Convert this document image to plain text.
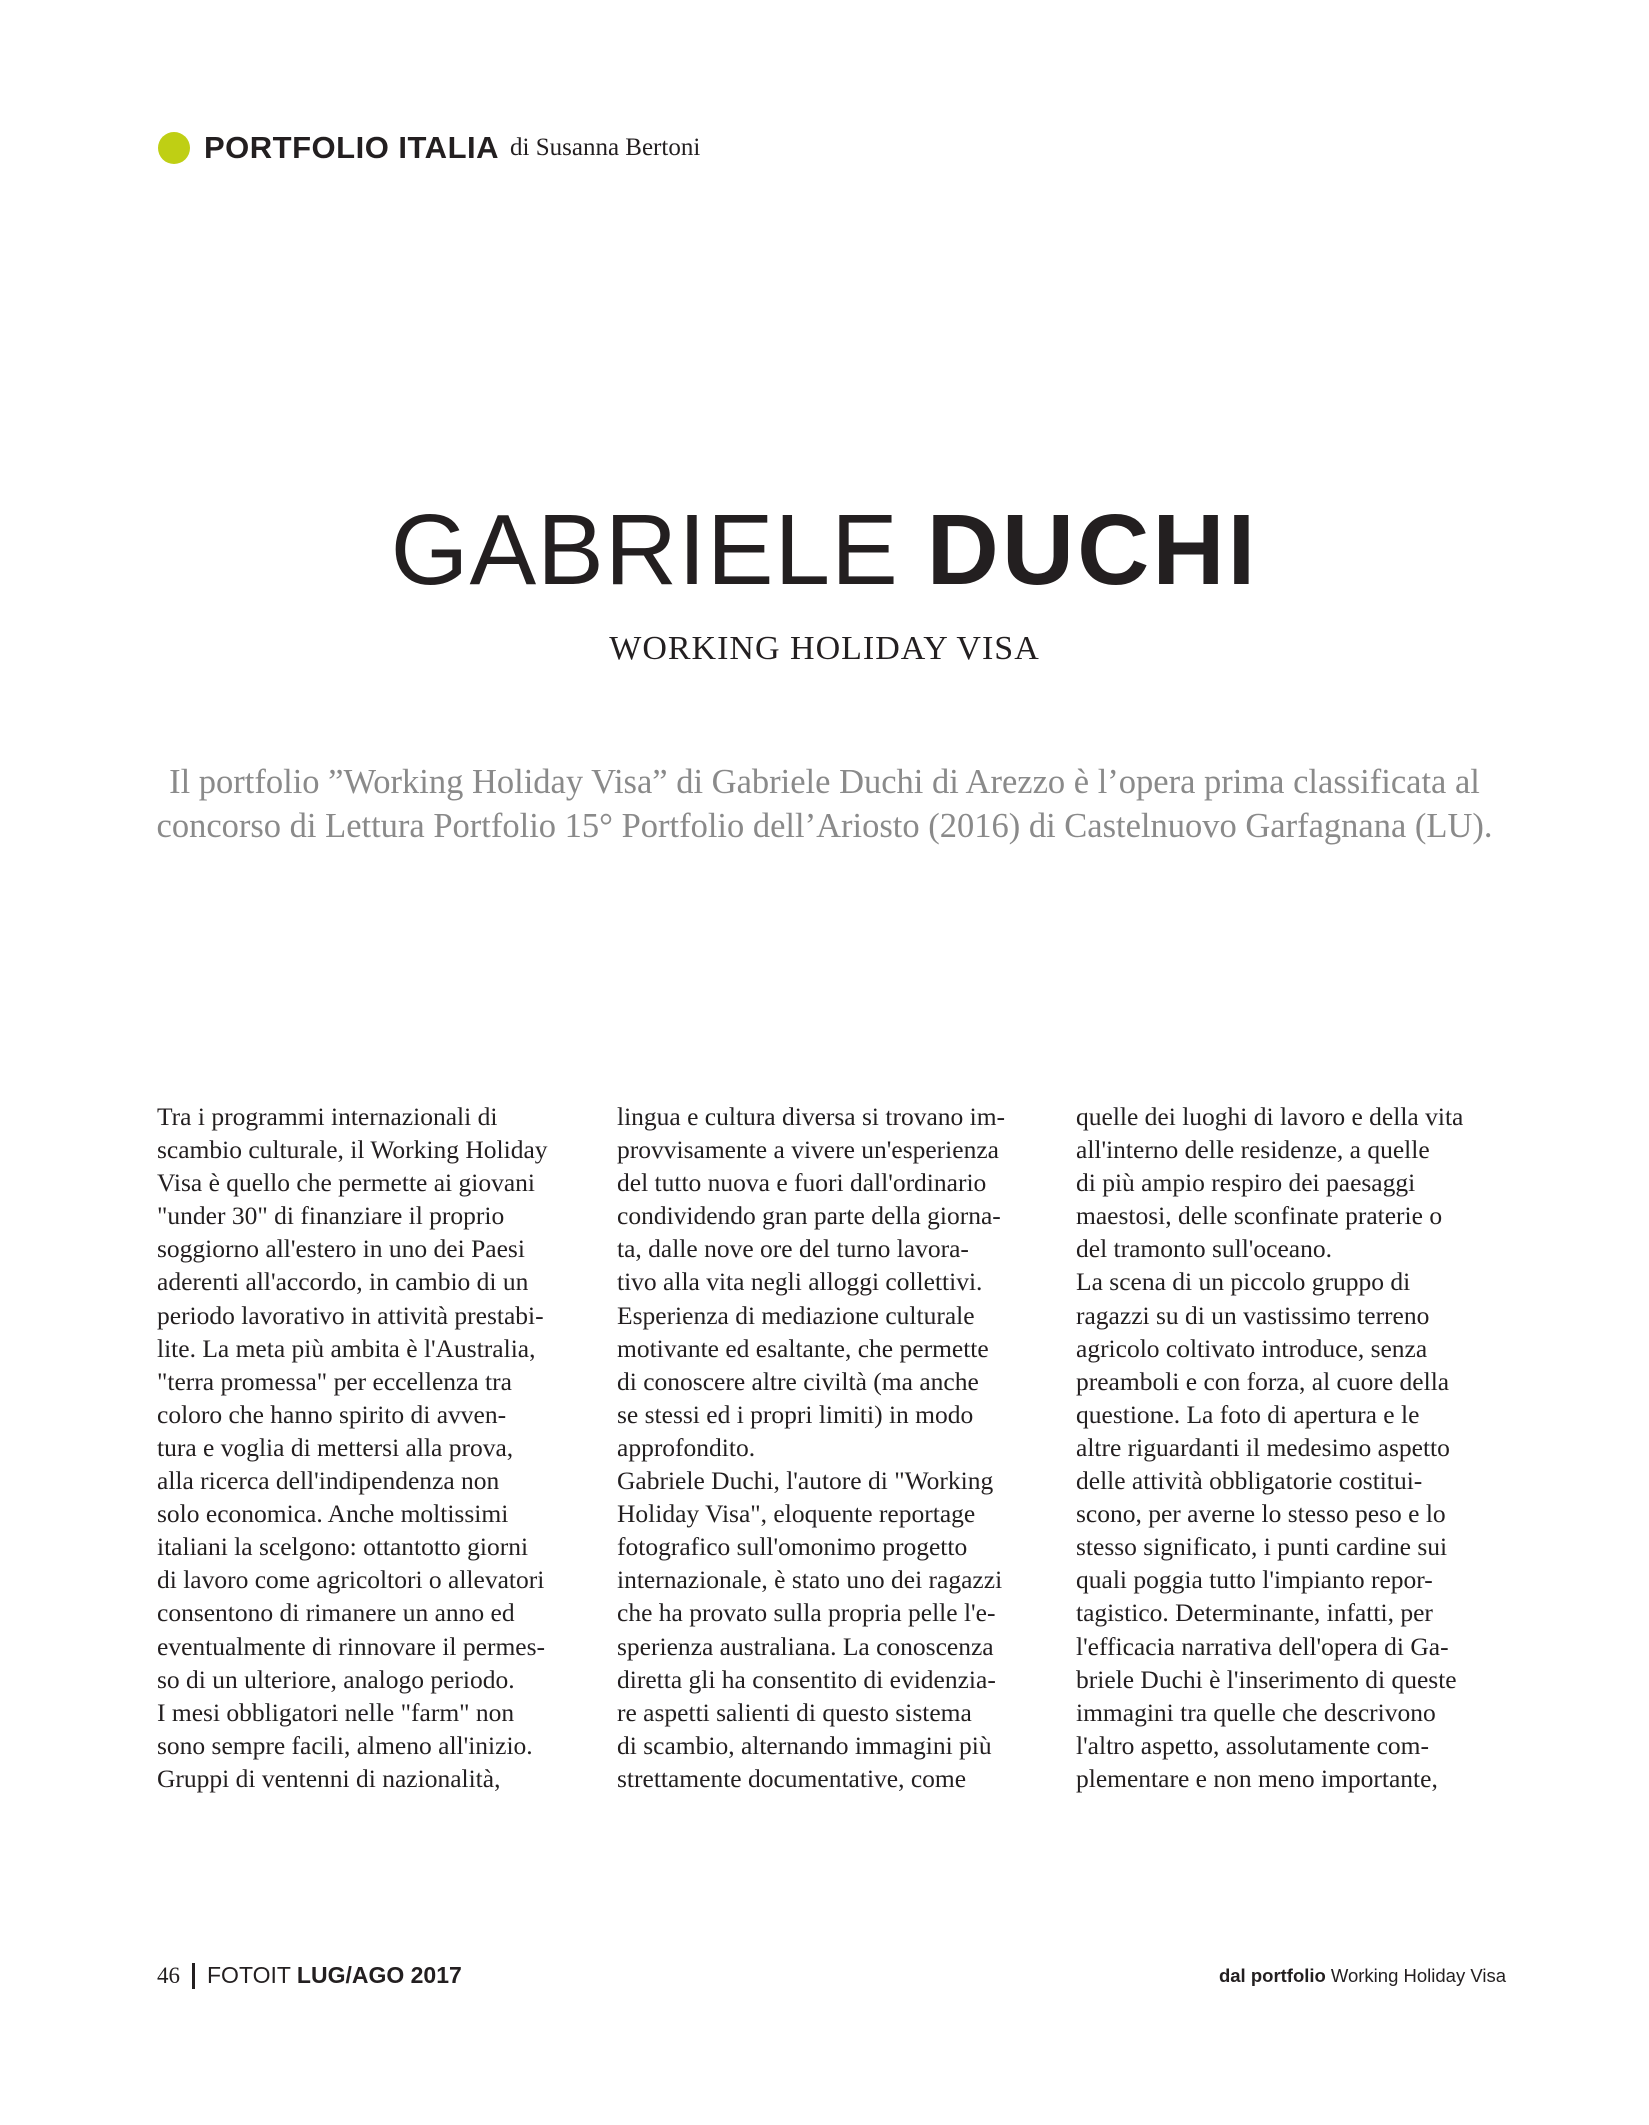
PORTFOLIO ITALIA di Susanna Bertoni
GABRIELE DUCHI
WORKING HOLIDAY VISA
Il portfolio ”Working Holiday Visa” di Gabriele Duchi di Arezzo è l’opera prima classificata al
concorso di Lettura Portfolio 15° Portfolio dell’Ariosto (2016) di Castelnuovo Garfagnana (LU).
Tra i programmi internazionali di
scambio culturale, il Working Holiday
Visa è quello che permette ai giovani
"under 30" di finanziare il proprio
soggiorno all'estero in uno dei Paesi
aderenti all'accordo, in cambio di un
periodo lavorativo in attività prestabi-
lite. La meta più ambita è l'Australia,
"terra promessa" per eccellenza tra
coloro che hanno spirito di avven-
tura e voglia di mettersi alla prova,
alla ricerca dell'indipendenza non
solo economica. Anche moltissimi
italiani la scelgono: ottantotto giorni
di lavoro come agricoltori o allevatori
consentono di rimanere un anno ed
eventualmente di rinnovare il permes-
so di un ulteriore, analogo periodo.
I mesi obbligatori nelle "farm" non
sono sempre facili, almeno all'inizio.
Gruppi di ventenni di nazionalità,
lingua e cultura diversa si trovano im-
provvisamente a vivere un'esperienza
del tutto nuova e fuori dall'ordinario
condividendo gran parte della giorna-
ta, dalle nove ore del turno lavora-
tivo alla vita negli alloggi collettivi.
Esperienza di mediazione culturale
motivante ed esaltante, che permette
di conoscere altre civiltà (ma anche
se stessi ed i propri limiti) in modo
approfondito.
Gabriele Duchi, l'autore di "Working
Holiday Visa", eloquente reportage
fotografico sull'omonimo progetto
internazionale, è stato uno dei ragazzi
che ha provato sulla propria pelle l'e-
sperienza australiana. La conoscenza
diretta gli ha consentito di evidenzia-
re aspetti salienti di questo sistema
di scambio, alternando immagini più
strettamente documentative, come
quelle dei luoghi di lavoro e della vita
all'interno delle residenze, a quelle
di più ampio respiro dei paesaggi
maestosi, delle sconfinate praterie o
del tramonto sull'oceano.
La scena di un piccolo gruppo di
ragazzi su di un vastissimo terreno
agricolo coltivato introduce, senza
preamboli e con forza, al cuore della
questione. La foto di apertura e le
altre riguardanti il medesimo aspetto
delle attività obbligatorie costitui-
scono, per averne lo stesso peso e lo
stesso significato, i punti cardine sui
quali poggia tutto l'impianto repor-
tagistico. Determinante, infatti, per
l'efficacia narrativa dell'opera di Ga-
briele Duchi è l'inserimento di queste
immagini tra quelle che descrivono
l'altro aspetto, assolutamente com-
plementare e non meno importante,
46 FOTOIT LUG/AGO 2017	dal portfolio Working Holiday Visa
